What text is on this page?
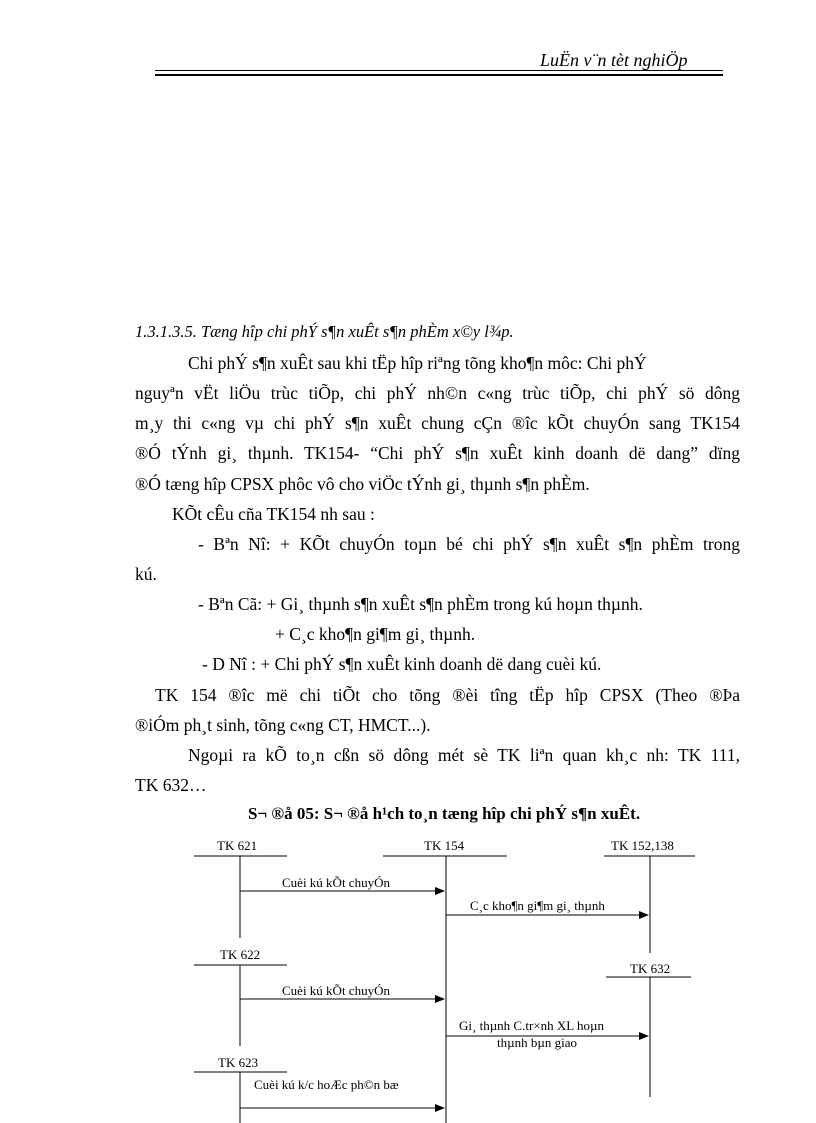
LuËn v¨n tèt nghiÖp
1.3.1.3.5. Tæng hîp chi phÝ s¶n xuÊt s¶n phÈm x©y l¾p.
Chi phÝ s¶n xuÊt sau khi tËp hîp riªng tõng kho¶n môc: Chi phÝ
nguyªn vËt liÖu trùc tiÕp, chi phÝ nh©n c«ng trùc tiÕp, chi phÝ sö dông
m¸y thi c«ng vµ chi phÝ s¶n xuÊt chung cÇn ®îc kÕt chuyÓn sang TK154
®Ó tÝnh gi¸ thµnh. TK154- “Chi phÝ s¶n xuÊt kinh doanh dë dang” dïng
®Ó tæng hîp CPSX phôc vô cho viÖc tÝnh gi¸ thµnh s¶n phÈm.
KÕt cÊu cña TK154 nh sau :
- Bªn Nî: + KÕt chuyÓn toµn bé chi phÝ s¶n xuÊt s¶n phÈm trong
kú.
- Bªn Cã: + Gi¸ thµnh s¶n xuÊt s¶n phÈm trong kú hoµn thµnh.
+ C¸c kho¶n gi¶m gi¸ thµnh.
- D Nî : + Chi phÝ s¶n xuÊt kinh doanh dë dang cuèi kú.
TK 154 ®îc më chi tiÕt cho tõng ®èi tîng tËp hîp CPSX (Theo ®Þa
®iÓm ph¸t sinh, tõng c«ng CT, HMCT...).
Ngoµi ra kÕ to¸n cßn sö dông mét sè TK liªn quan kh¸c nh: TK 111,
TK 632…
S¬ ®å 05: S¬ ®å h¹ch to¸n tæng hîp chi phÝ s¶n xuÊt.
TK 621	TK 154	TK 152,138
Cuèi kú kÕt chuyÓn
C¸c kho¶n gi¶m gi¸ thµnh
TK 622
TK 632
Cuèi kú kÕt chuyÓn
Gi¸ thµnh C.tr×nh XL hoµn
thµnh bµn giao
TK 623
Cuèi kú k/c hoÆc ph©n bæ
